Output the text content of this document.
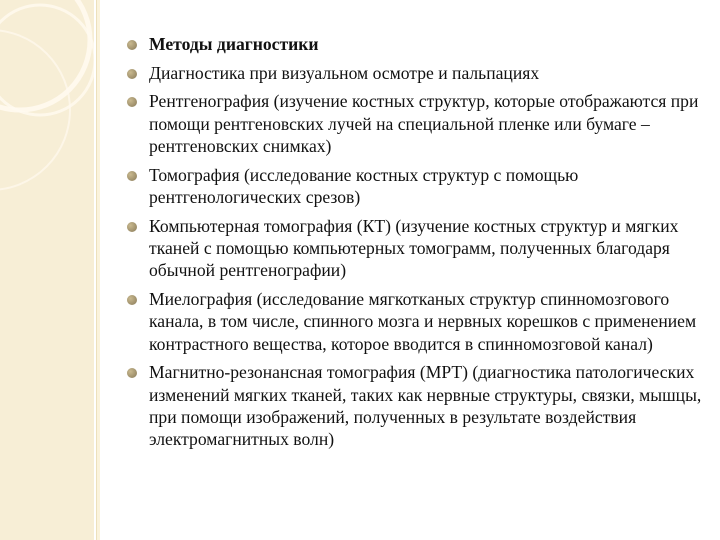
Методы диагностики
Диагностика при визуальном осмотре и пальпациях
Рентгенография (изучение костных структур, которые отображаются при помощи рентгеновских лучей на специальной пленке или бумаге – рентгеновских снимках)
Томография (исследование костных структур с помощью рентгенологических срезов)
Компьютерная томография (КТ) (изучение костных структур и мягких тканей с помощью компьютерных томограмм, полученных благодаря обычной рентгенографии)
Миелография (исследование мягкотканых структур спинномозгового канала, в том числе, спинного мозга и нервных корешков с применением контрастного вещества, которое вводится в спинномозговой канал)
Магнитно-резонансная томография (МРТ) (диагностика патологических изменений мягких тканей, таких как нервные структуры, связки, мышцы, при помощи изображений, полученных в результате воздействия электромагнитных волн)
